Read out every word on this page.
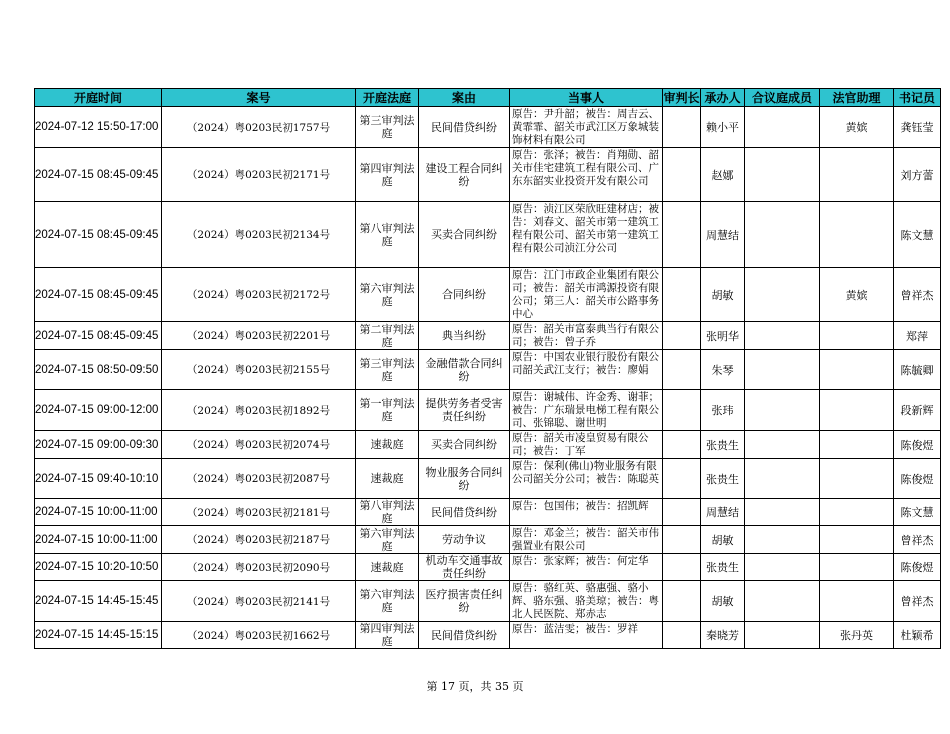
开庭时间	案号	开庭法庭	案由	当事人	审判长	承办人	合议庭成员	法官助理	书记员
2024-07-12 15:50-17:00	（2024）粤0203民初1757号	第三审判法庭	民间借贷纠纷	原告：尹升韶；被告：周吉云、黄霏霏、韶关市武江区万象城装饰材料有限公司		赖小平		黄嫔	龚钰莹
2024-07-15 08:45-09:45	（2024）粤0203民初2171号	第四审判法庭	建设工程合同纠纷	原告：张泽；被告：肖翔勋、韶关市佳宅建筑工程有限公司、广东东韶实业投资开发有限公司		赵娜			刘方蕾
2024-07-15 08:45-09:45	（2024）粤0203民初2134号	第八审判法庭	买卖合同纠纷	原告：浈江区荣欣旺建材店；被告：刘春文、韶关市第一建筑工程有限公司、韶关市第一建筑工程有限公司浈江分公司		周慧结			陈文慧
2024-07-15 08:45-09:45	（2024）粤0203民初2172号	第六审判法庭	合同纠纷	原告：江门市政企业集团有限公司；被告：韶关市鸿源投资有限公司；第三人：韶关市公路事务中心		胡敏		黄嫔	曾祥杰
2024-07-15 08:45-09:45	（2024）粤0203民初2201号	第二审判法庭	典当纠纷	原告：韶关市富泰典当行有限公司；被告：曾子乔		张明华			郑萍
2024-07-15 08:50-09:50	（2024）粤0203民初2155号	第三审判法庭	金融借款合同纠纷	原告：中国农业银行股份有限公司韶关武江支行；被告：廖娟		朱琴			陈毓卿
2024-07-15 09:00-12:00	（2024）粤0203民初1892号	第一审判法庭	提供劳务者受害责任纠纷	原告：谢城伟、许金秀、谢菲；被告：广东瑞景电梯工程有限公司、张锦聪、谢世明		张玮			段新辉
2024-07-15 09:00-09:30	（2024）粤0203民初2074号	速裁庭	买卖合同纠纷	原告：韶关市凌皇贸易有限公司；被告：丁军		张贵生			陈俊煜
2024-07-15 09:40-10:10	（2024）粤0203民初2087号	速裁庭	物业服务合同纠纷	原告：保利(佛山)物业服务有限公司韶关分公司；被告：陈聪英		张贵生			陈俊煜
2024-07-15 10:00-11:00	（2024）粤0203民初2181号	第八审判法庭	民间借贷纠纷	原告：包国伟；被告：招凯辉		周慧结			陈文慧
2024-07-15 10:00-11:00	（2024）粤0203民初2187号	第六审判法庭	劳动争议	原告：邓金兰；被告：韶关市伟强置业有限公司		胡敏			曾祥杰
2024-07-15 10:20-10:50	（2024）粤0203民初2090号	速裁庭	机动车交通事故责任纠纷	原告：张家辉；被告：何定华		张贵生			陈俊煜
2024-07-15 14:45-15:45	（2024）粤0203民初2141号	第六审判法庭	医疗损害责任纠纷	原告：骆红英、骆惠强、骆小辉、骆东强、骆美琼；被告：粤北人民医院、郑赤志		胡敏			曾祥杰
2024-07-15 14:45-15:15	（2024）粤0203民初1662号	第四审判法庭	民间借贷纠纷	原告：蓝洁雯；被告：罗祥		秦晓芳		张丹英	杜颖希
第 17 页，共 35 页
